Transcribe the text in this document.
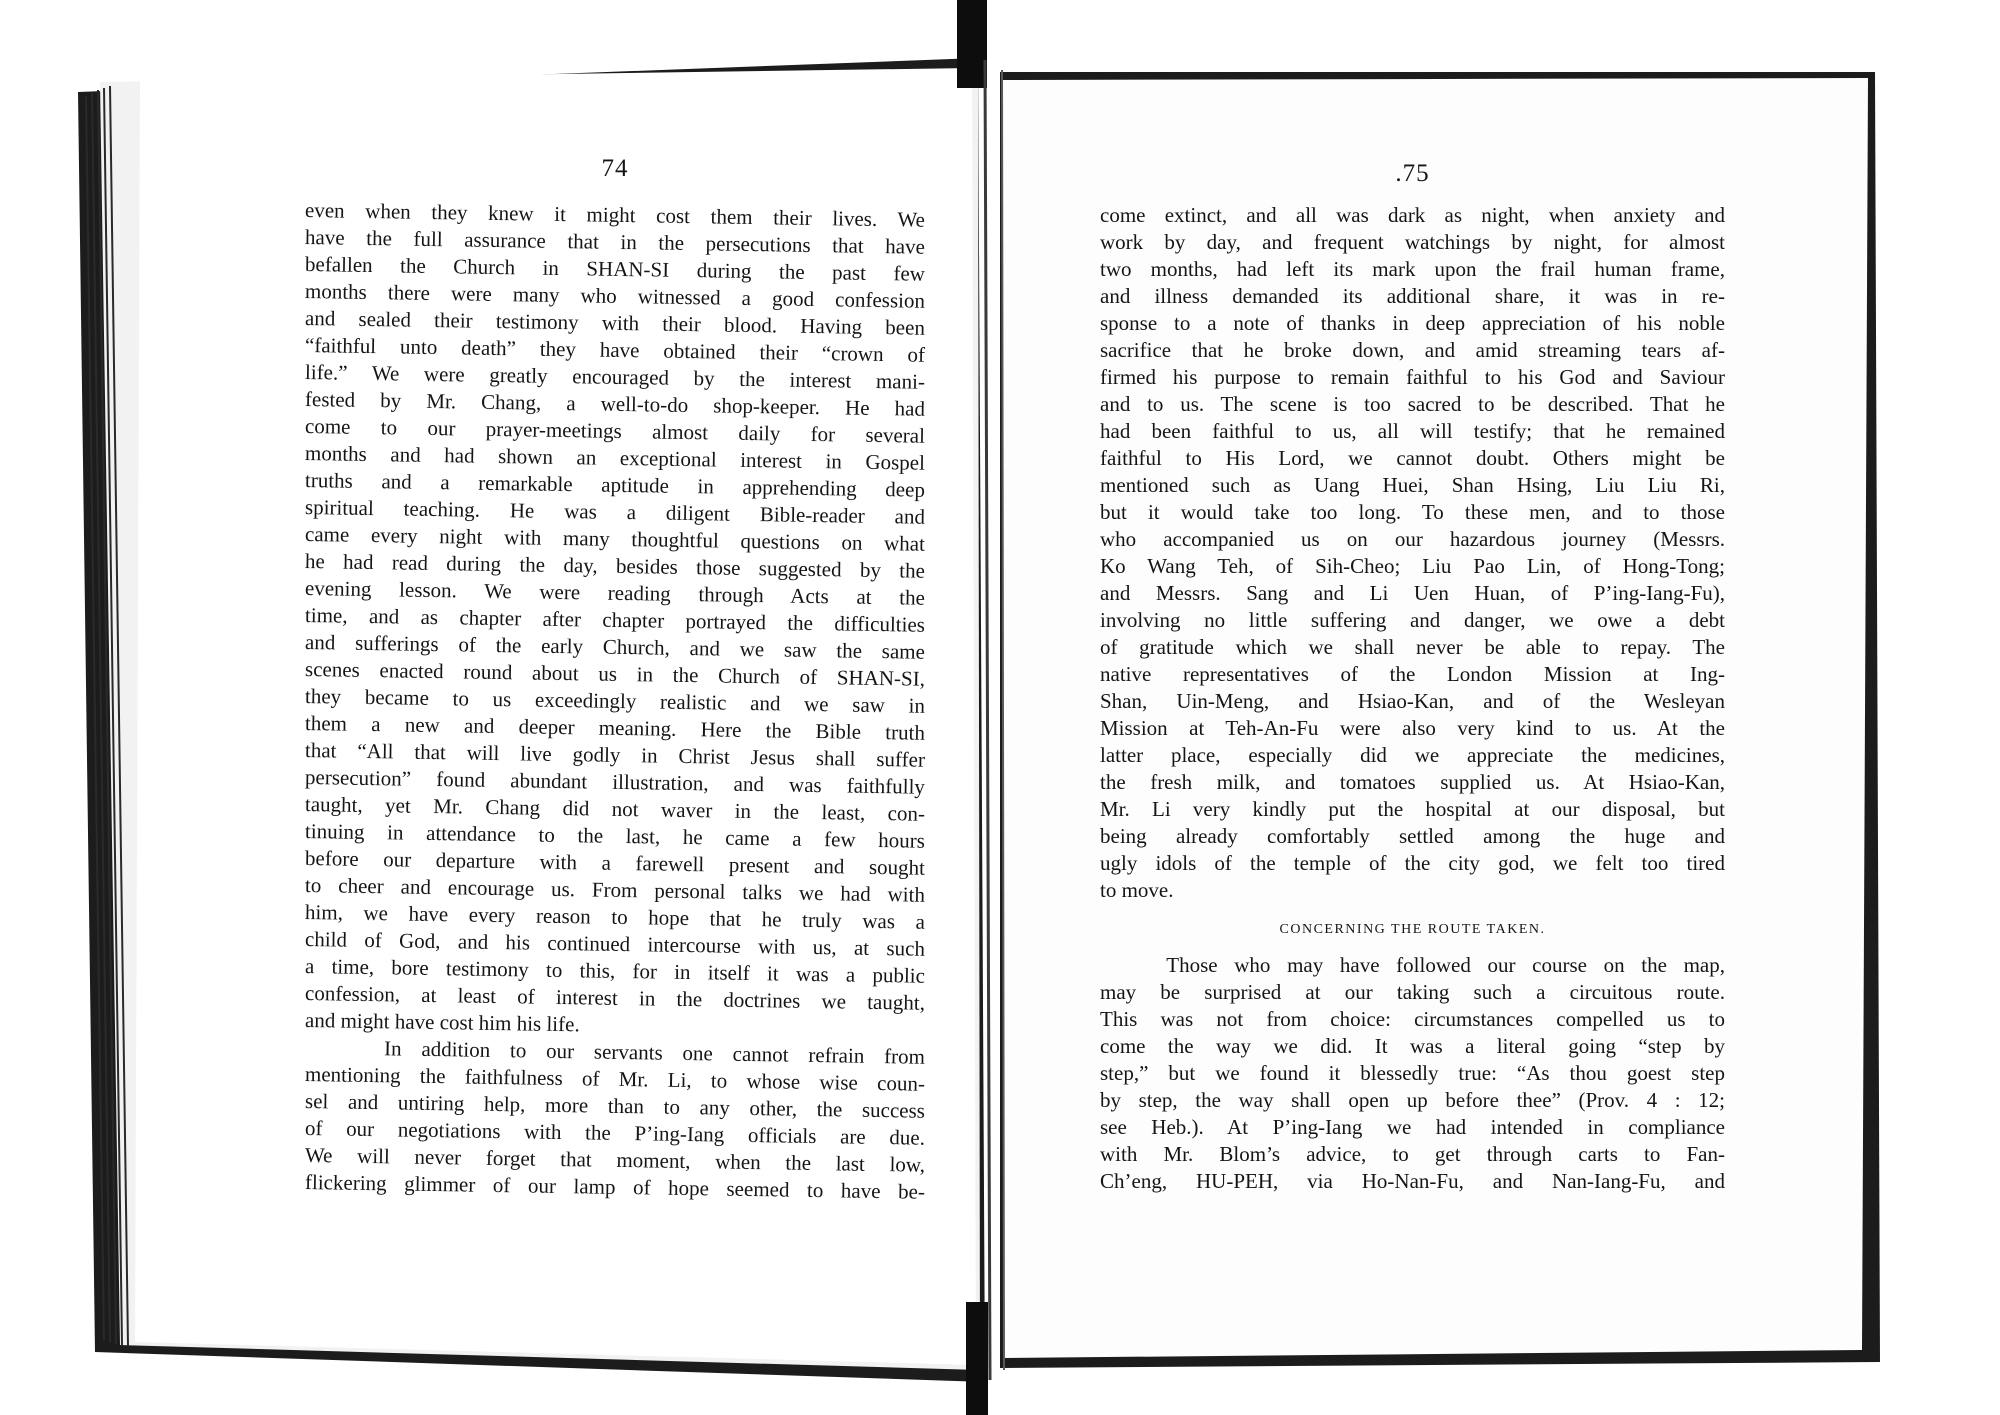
74
even when they knew it might cost them their lives. We
have the full assurance that in the persecutions that have
befallen the Church in SHAN-SI during the past few
months there were many who witnessed a good confession
and sealed their testimony with their blood. Having been
“faithful unto death” they have obtained their “crown of
life.” We were greatly encouraged by the interest mani-
fested by Mr. Chang, a well-to-do shop-keeper. He had
come to our prayer-meetings almost daily for several
months and had shown an exceptional interest in Gospel
truths and a remarkable aptitude in apprehending deep
spiritual teaching. He was a diligent Bible-reader and
came every night with many thoughtful questions on what
he had read during the day, besides those suggested by the
evening lesson. We were reading through Acts at the
time, and as chapter after chapter portrayed the difficulties
and sufferings of the early Church, and we saw the same
scenes enacted round about us in the Church of SHAN-SI,
they became to us exceedingly realistic and we saw in
them a new and deeper meaning. Here the Bible truth
that “All that will live godly in Christ Jesus shall suffer
persecution” found abundant illustration, and was faithfully
taught, yet Mr. Chang did not waver in the least, con-
tinuing in attendance to the last, he came a few hours
before our departure with a farewell present and sought
to cheer and encourage us. From personal talks we had with
him, we have every reason to hope that he truly was a
child of God, and his continued intercourse with us, at such
a time, bore testimony to this, for in itself it was a public
confession, at least of interest in the doctrines we taught,
and might have cost him his life.
In addition to our servants one cannot refrain from
mentioning the faithfulness of Mr. Li, to whose wise coun-
sel and untiring help, more than to any other, the success
of our negotiations with the P’ing-Iang officials are due.
We will never forget that moment, when the last low,
flickering glimmer of our lamp of hope seemed to have be-
.75
come extinct, and all was dark as night, when anxiety and
work by day, and frequent watchings by night, for almost
two months, had left its mark upon the frail human frame,
and illness demanded its additional share, it was in re-
sponse to a note of thanks in deep appreciation of his noble
sacrifice that he broke down, and amid streaming tears af-
firmed his purpose to remain faithful to his God and Saviour
and to us. The scene is too sacred to be described. That he
had been faithful to us, all will testify; that he remained
faithful to His Lord, we cannot doubt. Others might be
mentioned such as Uang Huei, Shan Hsing, Liu Liu Ri,
but it would take too long. To these men, and to those
who accompanied us on our hazardous journey (Messrs.
Ko Wang Teh, of Sih-Cheo; Liu Pao Lin, of Hong-Tong;
and Messrs. Sang and Li Uen Huan, of P’ing-Iang-Fu),
involving no little suffering and danger, we owe a debt
of gratitude which we shall never be able to repay. The
native representatives of the London Mission at Ing-
Shan, Uin-Meng, and Hsiao-Kan, and of the Wesleyan
Mission at Teh-An-Fu were also very kind to us. At the
latter place, especially did we appreciate the medicines,
the fresh milk, and tomatoes supplied us. At Hsiao-Kan,
Mr. Li very kindly put the hospital at our disposal, but
being already comfortably settled among the huge and
ugly idols of the temple of the city god, we felt too tired
to move.
CONCERNING THE ROUTE TAKEN.
Those who may have followed our course on the map,
may be surprised at our taking such a circuitous route.
This was not from choice: circumstances compelled us to
come the way we did. It was a literal going “step by
step,” but we found it blessedly true: “As thou goest step
by step, the way shall open up before thee” (Prov. 4 : 12;
see Heb.). At P’ing-Iang we had intended in compliance
with Mr. Blom’s advice, to get through carts to Fan-
Ch’eng, HU-PEH, via Ho-Nan-Fu, and Nan-Iang-Fu, and
